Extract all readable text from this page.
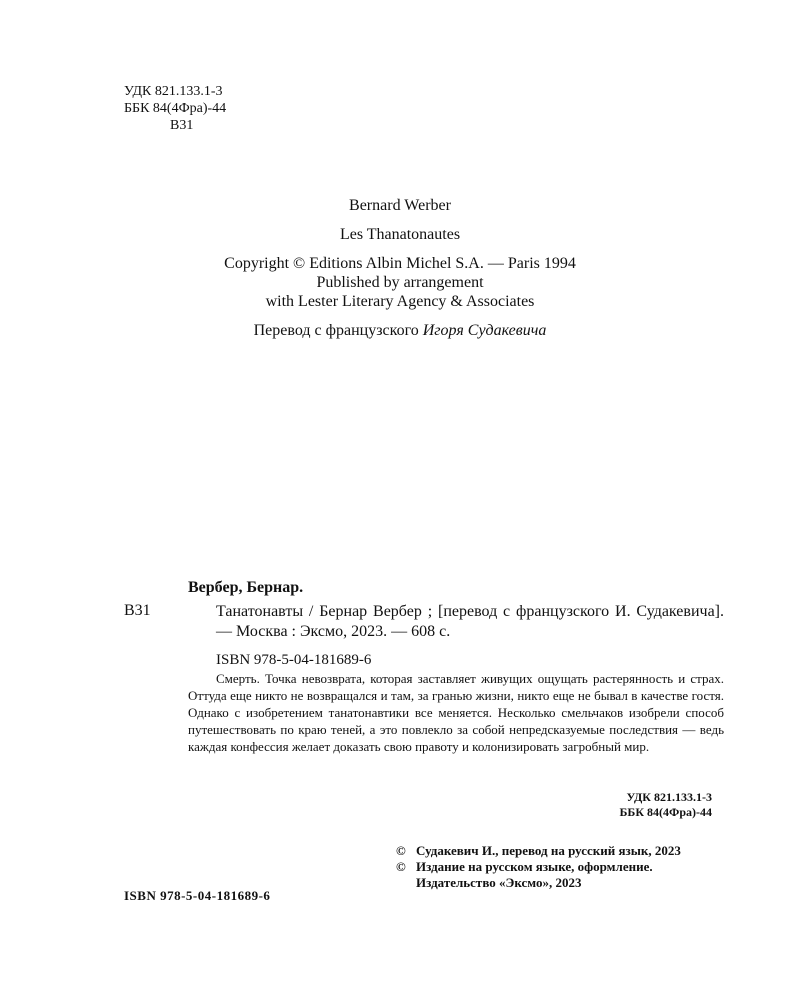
УДК 821.133.1-3
ББК 84(4Фра)-44
В31
Bernard Werber
Les Thanatonautes
Copyright © Editions Albin Michel S.A. — Paris 1994
Published by arrangement
with Lester Literary Agency & Associates
Перевод с французского Игоря Судакевича
Вербер, Бернар.
В31	Танатонавты / Бернар Вербер ; [перевод с французского И. Судакевича]. — Москва : Эксмо, 2023. — 608 с.
ISBN 978-5-04-181689-6
Смерть. Точка невозврата, которая заставляет живущих ощущать растерянность и страх. Оттуда еще никто не возвращался и там, за гранью жизни, никто еще не бывал в качестве гостя. Однако с изобретением танатонавтики все меняется. Несколько смельчаков изобрели способ путешествовать по краю теней, а это повлекло за собой непредсказуемые последствия — ведь каждая конфессия желает доказать свою правоту и колонизировать загробный мир.
УДК 821.133.1-3
ББК 84(4Фра)-44
© Судакевич И., перевод на русский язык, 2023
© Издание на русском языке, оформление. Издательство «Эксмо», 2023
ISBN 978-5-04-181689-6
